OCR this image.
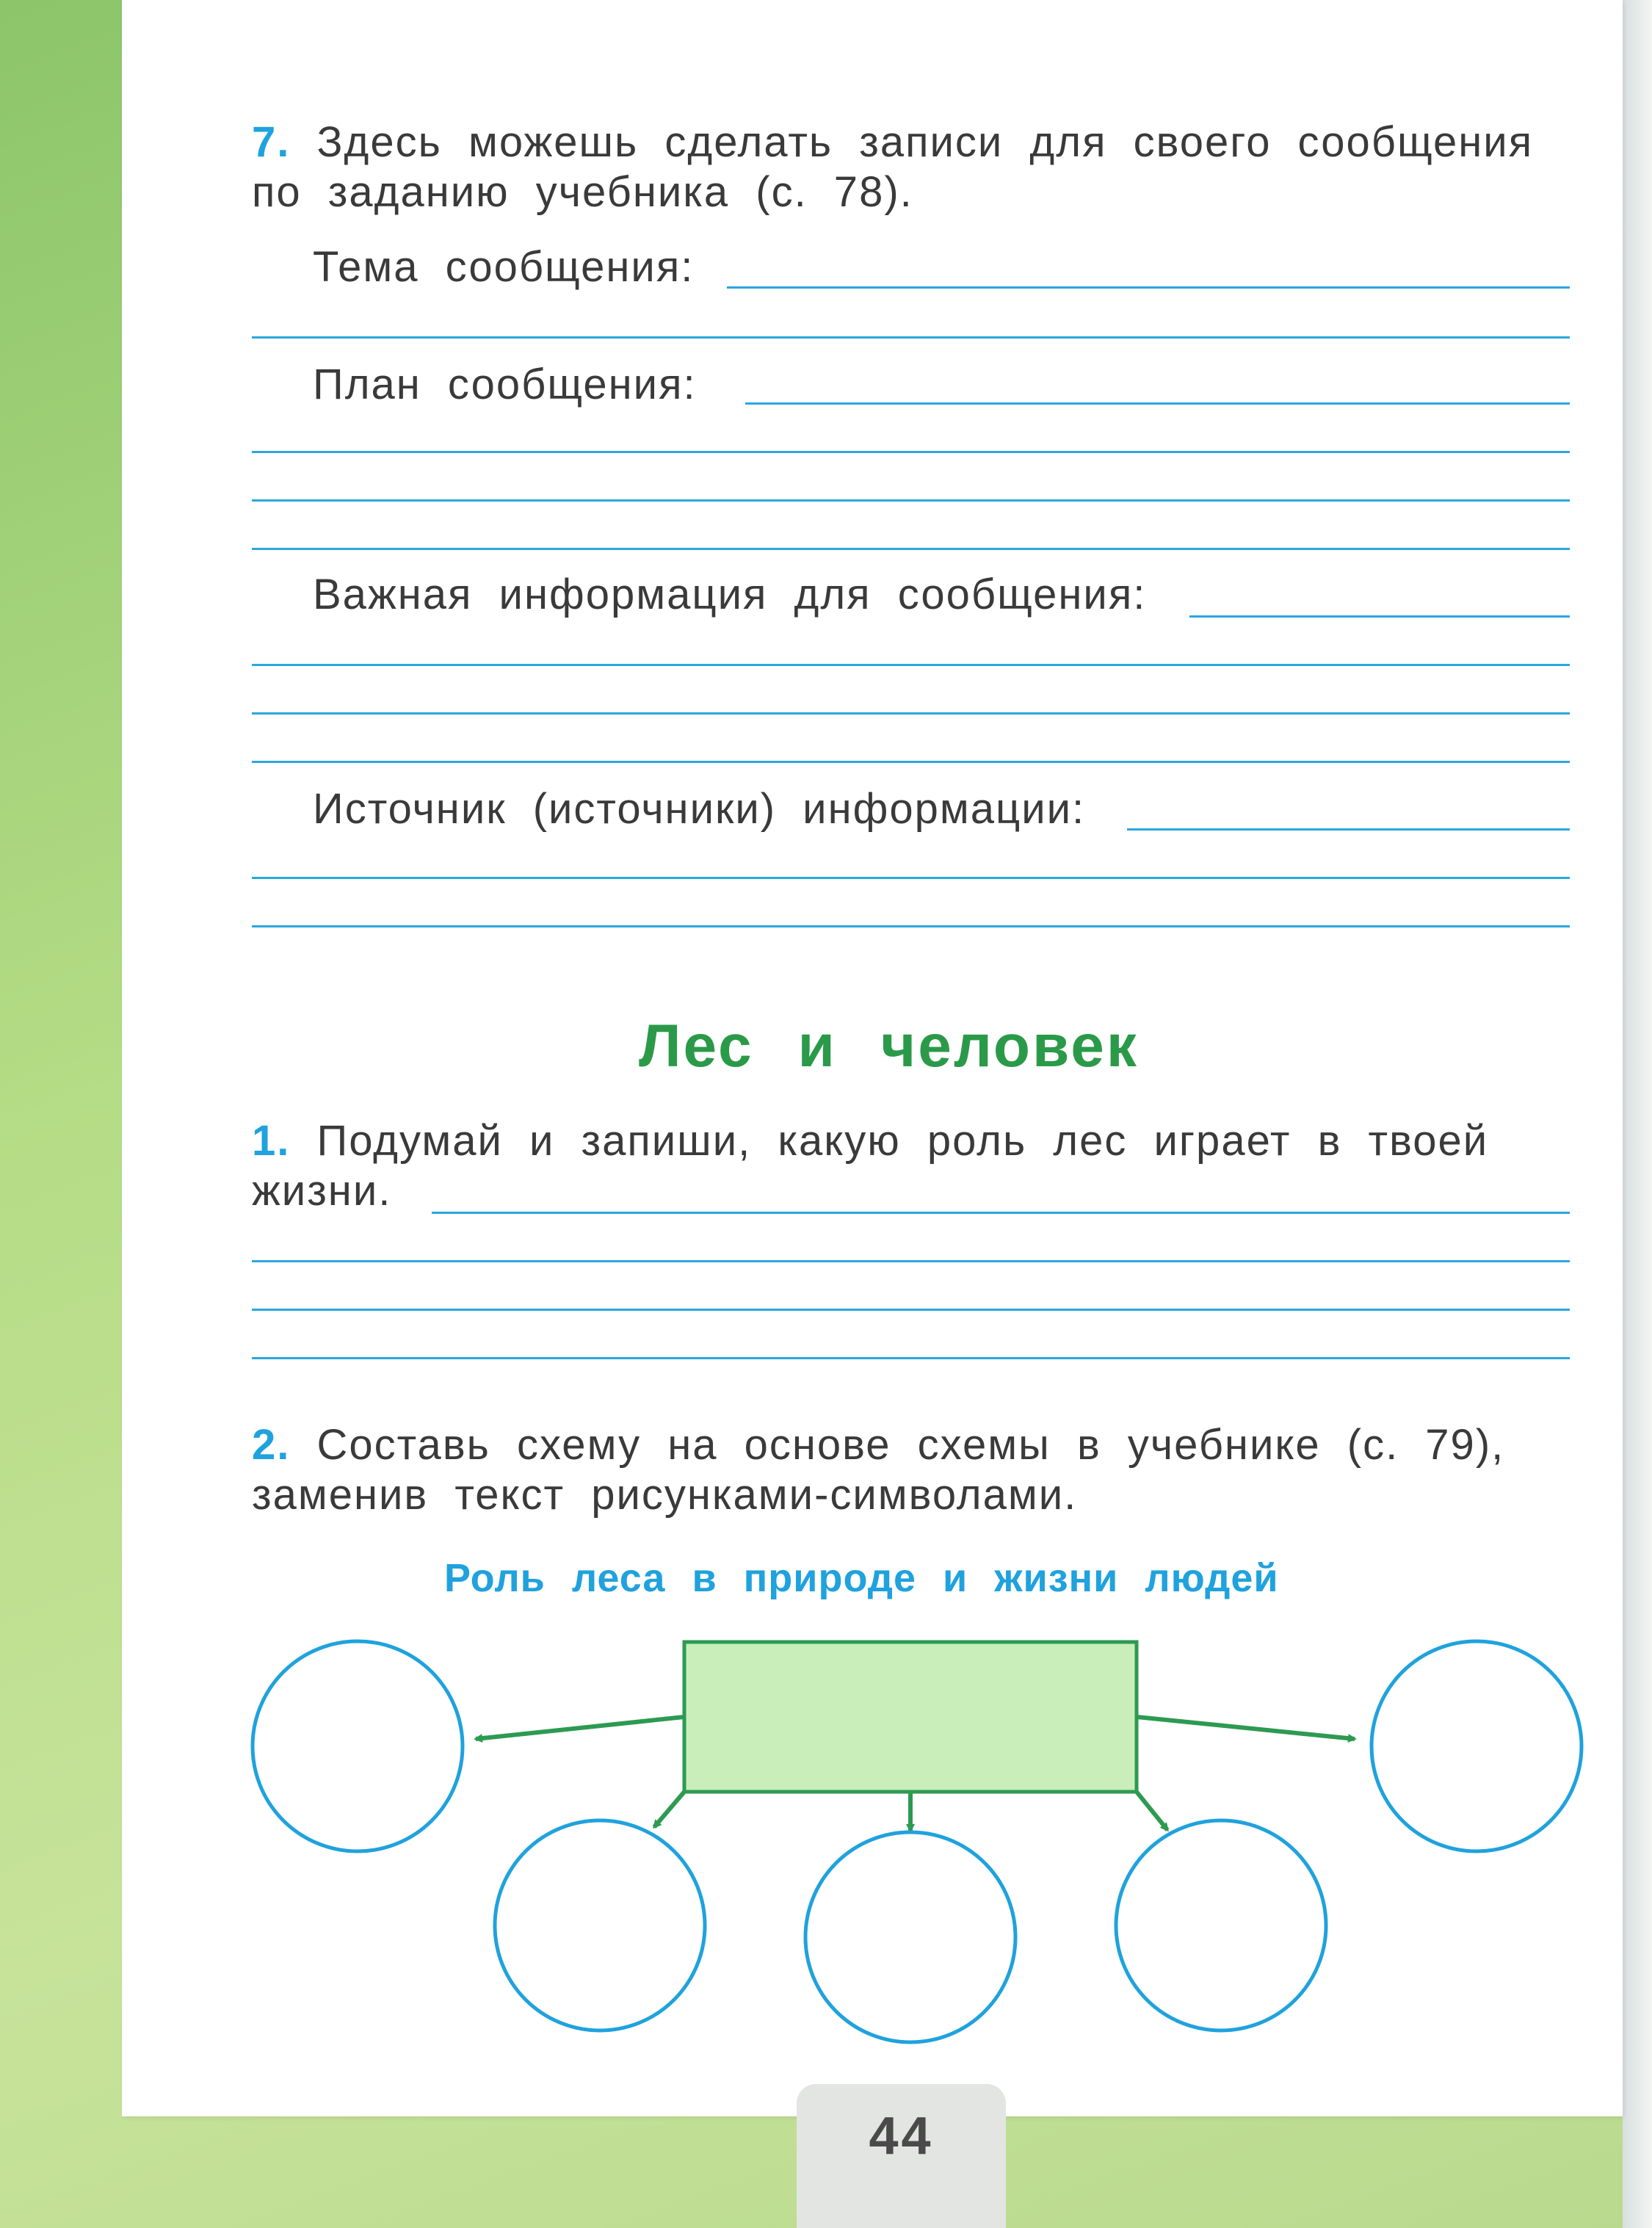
7. Здесь можешь сделать записи для своего сообщения
по заданию учебника (с. 78).
Тема сообщения:
План сообщения:
Важная информация для сообщения:
Источник (источники) информации:
Лес и человек
1. Подумай и запиши, какую роль лес играет в твоей
жизни.
2. Составь схему на основе схемы в учебнике (с. 79),
заменив текст рисунками-символами.
Роль леса в природе и жизни людей
44
